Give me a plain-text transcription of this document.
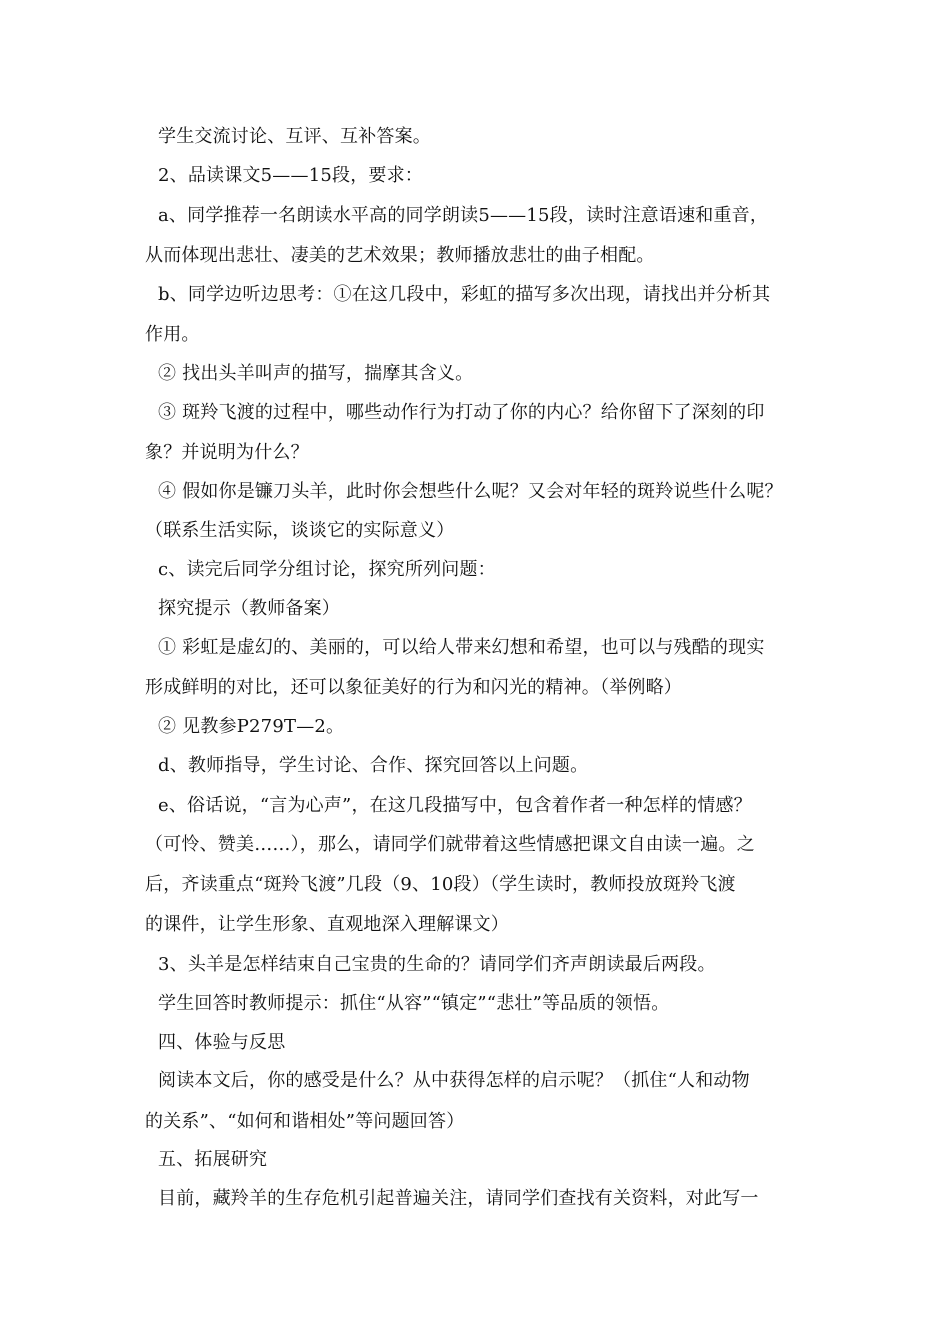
学生交流讨论、互评、互补答案。
2、品读课文5——15段，要求：
a、同学推荐一名朗读水平高的同学朗读5——15段，读时注意语速和重音，
从而体现出悲壮、凄美的艺术效果；教师播放悲壮的曲子相配。
b、同学边听边思考：①在这几段中，彩虹的描写多次出现，请找出并分析其
作用。
② 找出头羊叫声的描写，揣摩其含义。
③ 斑羚飞渡的过程中，哪些动作行为打动了你的内心？给你留下了深刻的印
象？并说明为什么？
④ 假如你是镰刀头羊，此时你会想些什么呢？又会对年轻的斑羚说些什么呢？
（联系生活实际，谈谈它的实际意义）
c、读完后同学分组讨论，探究所列问题：
探究提示（教师备案）
① 彩虹是虚幻的、美丽的，可以给人带来幻想和希望，也可以与残酷的现实
形成鲜明的对比，还可以象征美好的行为和闪光的精神。（举例略）
② 见教参P279T—2。
d、教师指导，学生讨论、合作、探究回答以上问题。
e、俗话说，“言为心声”，在这几段描写中，包含着作者一种怎样的情感？
（可怜、赞美……），那么，请同学们就带着这些情感把课文自由读一遍。之
后，齐读重点“斑羚飞渡”几段（9、10段）（学生读时，教师投放斑羚飞渡
的课件，让学生形象、直观地深入理解课文）
3、头羊是怎样结束自己宝贵的生命的？请同学们齐声朗读最后两段。
学生回答时教师提示：抓住“从容”“镇定”“悲壮”等品质的领悟。
四、体验与反思
阅读本文后，你的感受是什么？从中获得怎样的启示呢？（抓住“人和动物
的关系”、“如何和谐相处”等问题回答）
五、拓展研究
目前，藏羚羊的生存危机引起普遍关注，请同学们查找有关资料，对此写一
